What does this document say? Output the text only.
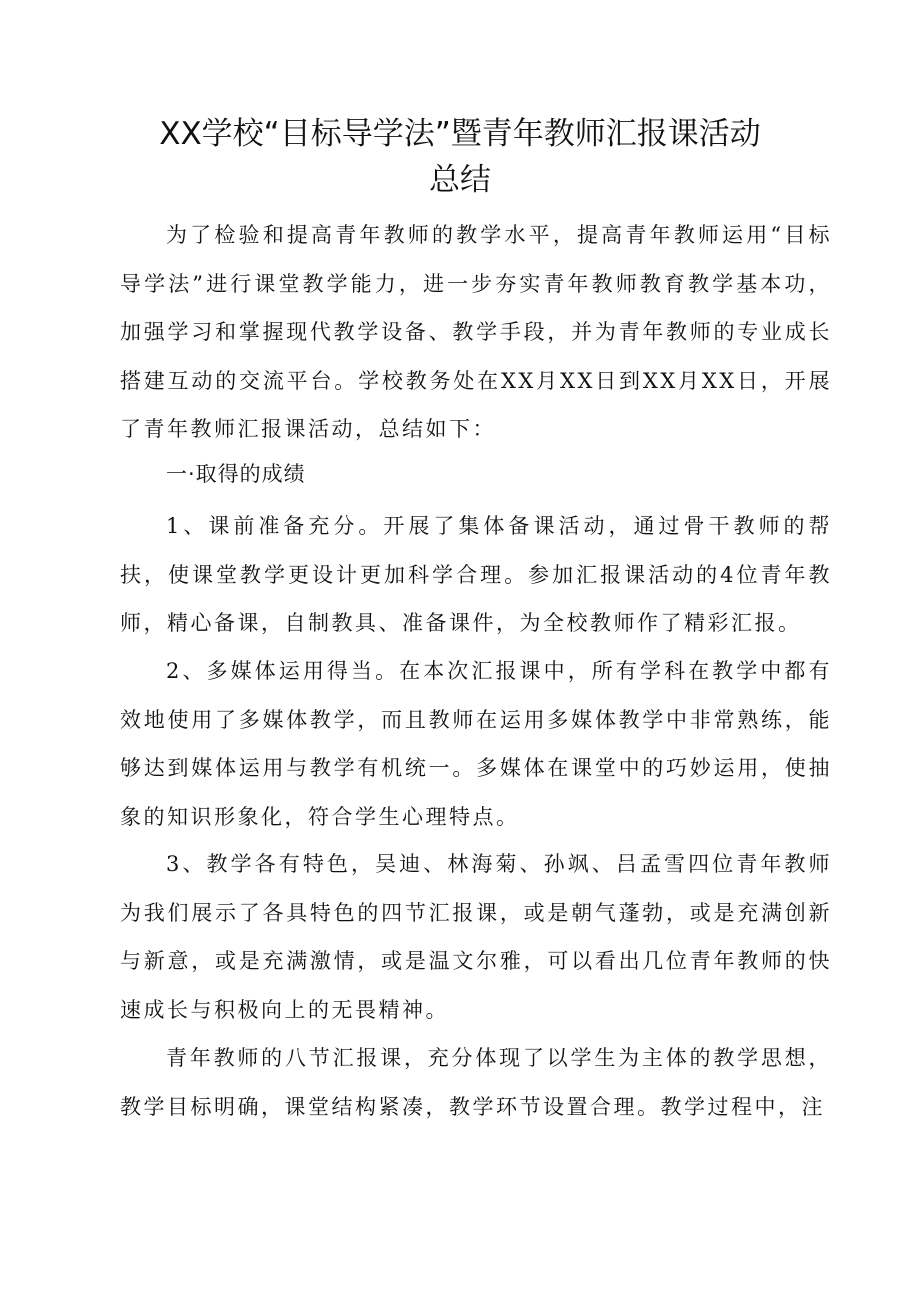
XX学校“目标导学法”暨青年教师汇报课活动
总结

为了检验和提高青年教师的教学水平，提高青年教师运用“目标导学法”进行课堂教学能力，进一步夯实青年教师教育教学基本功，加强学习和掌握现代教学设备、教学手段，并为青年教师的专业成长搭建互动的交流平台。学校教务处在XX月XX日到XX月XX日，开展了青年教师汇报课活动，总结如下：

一·取得的成绩

1、课前准备充分。开展了集体备课活动，通过骨干教师的帮扶，使课堂教学更设计更加科学合理。参加汇报课活动的4位青年教师，精心备课，自制教具、准备课件，为全校教师作了精彩汇报。

2、多媒体运用得当。在本次汇报课中，所有学科在教学中都有效地使用了多媒体教学，而且教师在运用多媒体教学中非常熟练，能够达到媒体运用与教学有机统一。多媒体在课堂中的巧妙运用，使抽象的知识形象化，符合学生心理特点。

3、教学各有特色，吴迪、林海菊、孙飒、吕孟雪四位青年教师为我们展示了各具特色的四节汇报课，或是朝气蓬勃，或是充满创新与新意，或是充满激情，或是温文尔雅，可以看出几位青年教师的快速成长与积极向上的无畏精神。

青年教师的八节汇报课，充分体现了以学生为主体的教学思想，教学目标明确，课堂结构紧凑，教学环节设置合理。教学过程中，注
